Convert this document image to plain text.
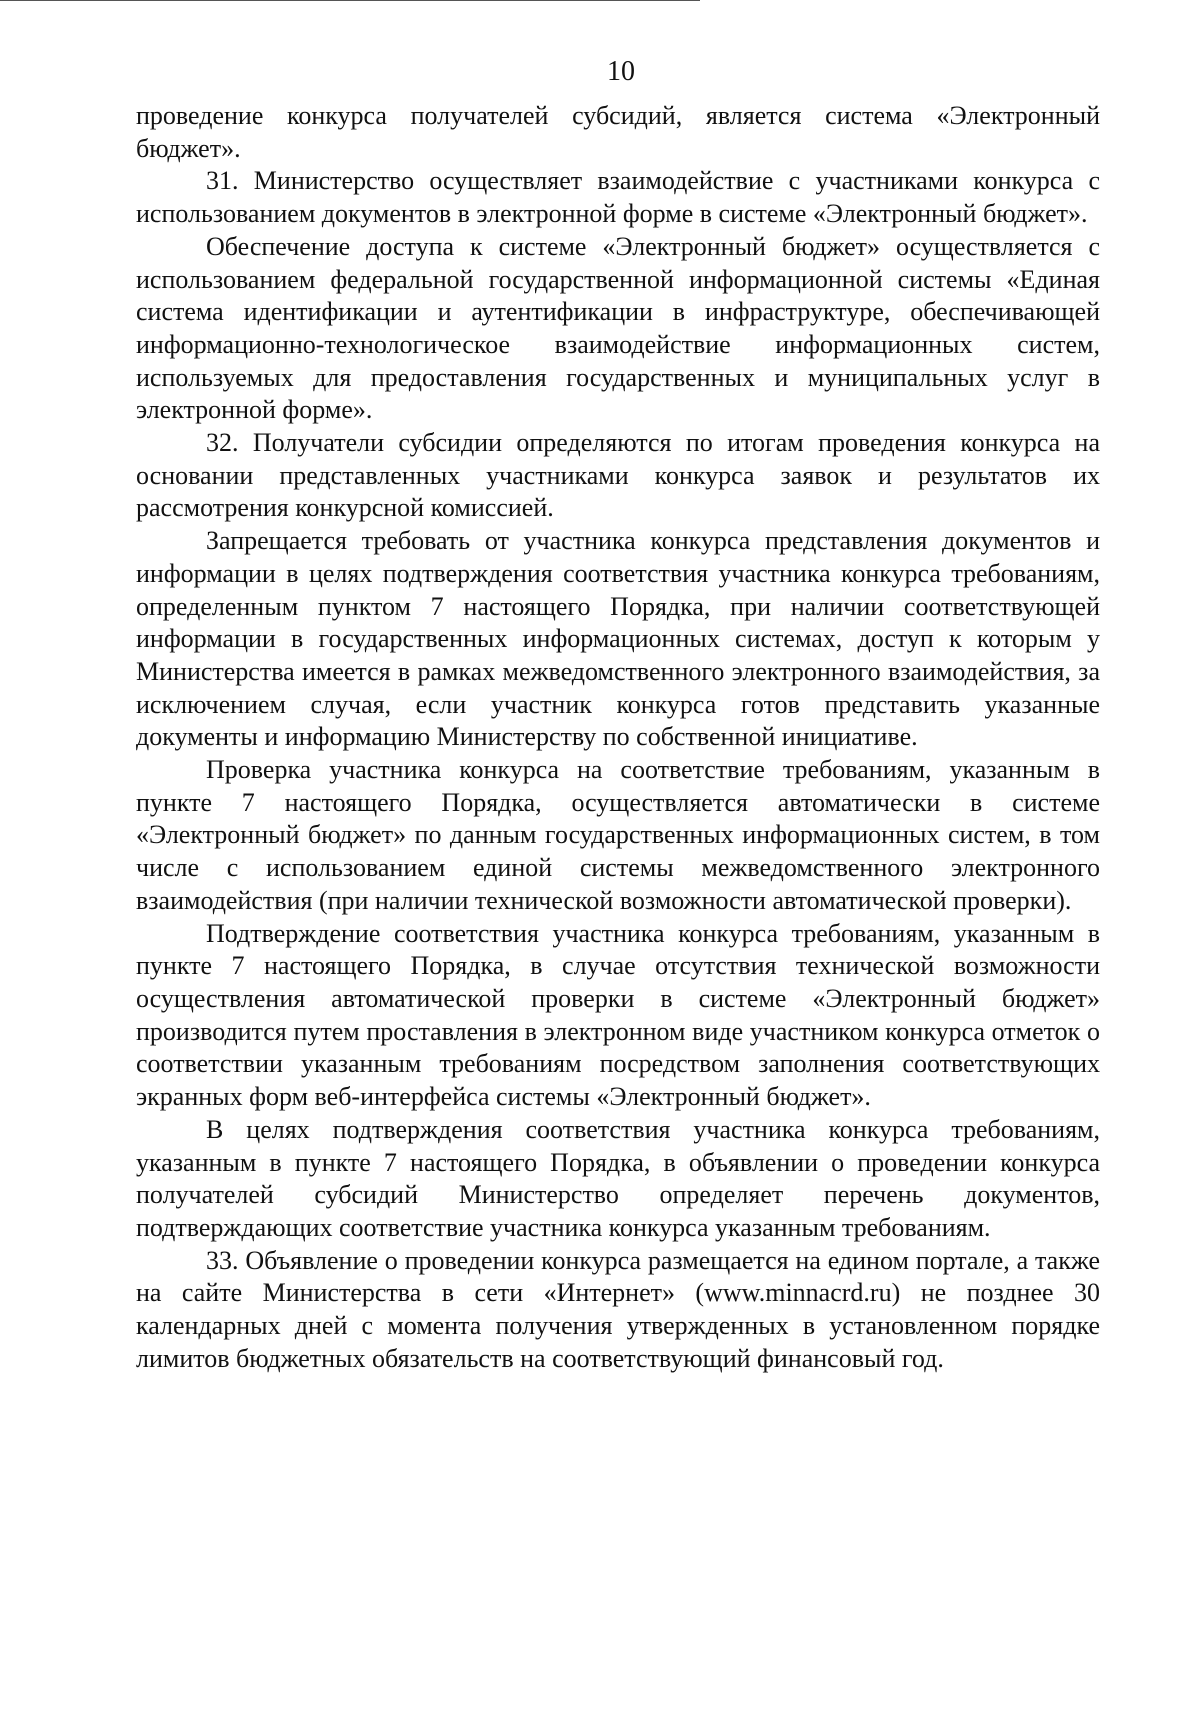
10

проведение конкурса получателей субсидий, является система «Электронный бюджет».

31. Министерство осуществляет взаимодействие с участниками конкурса с использованием документов в электронной форме в системе «Электронный бюджет».

Обеспечение доступа к системе «Электронный бюджет» осуществляется с использованием федеральной государственной информационной системы «Единая система идентификации и аутентификации в инфраструктуре, обеспечивающей информационно-технологическое взаимодействие информационных систем, используемых для предоставления государственных и муниципальных услуг в электронной форме».

32. Получатели субсидии определяются по итогам проведения конкурса на основании представленных участниками конкурса заявок и результатов их рассмотрения конкурсной комиссией.

Запрещается требовать от участника конкурса представления документов и информации в целях подтверждения соответствия участника конкурса требованиям, определенным пунктом 7 настоящего Порядка, при наличии соответствующей информации в государственных информационных системах, доступ к которым у Министерства имеется в рамках межведомственного электронного взаимодействия, за исключением случая, если участник конкурса готов представить указанные документы и информацию Министерству по собственной инициативе.

Проверка участника конкурса на соответствие требованиям, указанным в пункте 7 настоящего Порядка, осуществляется автоматически в системе «Электронный бюджет» по данным государственных информационных систем, в том числе с использованием единой системы межведомственного электронного взаимодействия (при наличии технической возможности автоматической проверки).

Подтверждение соответствия участника конкурса требованиям, указанным в пункте 7 настоящего Порядка, в случае отсутствия технической возможности осуществления автоматической проверки в системе «Электронный бюджет» производится путем проставления в электронном виде участником конкурса отметок о соответствии указанным требованиям посредством заполнения соответствующих экранных форм веб-интерфейса системы «Электронный бюджет».

В целях подтверждения соответствия участника конкурса требованиям, указанным в пункте 7 настоящего Порядка, в объявлении о проведении конкурса получателей субсидий Министерство определяет перечень документов, подтверждающих соответствие участника конкурса указанным требованиям.

33. Объявление о проведении конкурса размещается на едином портале, а также на сайте Министерства в сети «Интернет» (www.minnacrd.ru) не позднее 30 календарных дней с момента получения утвержденных в установленном порядке лимитов бюджетных обязательств на соответствующий финансовый год.
